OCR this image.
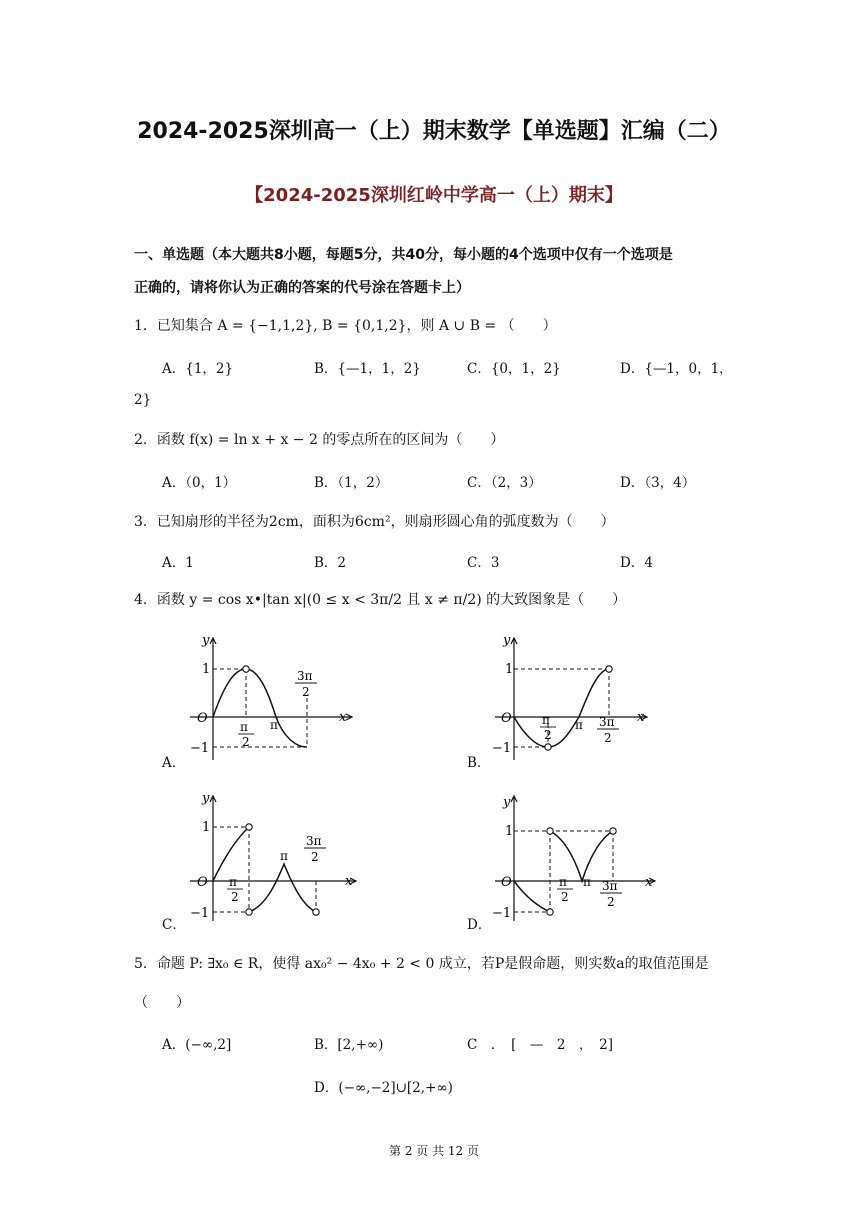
2024-2025深圳高一（上）期末数学【单选题】汇编（二）
【2024-2025深圳红岭中学高一（上）期末】
一、单选题（本大题共8小题，每题5分，共40分，每小题的4个选项中仅有一个选项是
正确的，请将你认为正确的答案的代号涂在答题卡上）
1．已知集合 A = {−1,1,2}, B = {0,1,2}，则 A ∪ B = （　　）
A．{1，2}	B．{—1，1，2}	C．{0，1，2}	D．{—1，0，1，
2}
2．函数 f(x) = ln x + x − 2 的零点所在的区间为（　　）
A．（0，1）	B．（1，2）	C．（2，3）	D．（3，4）
3．已知扇形的半径为2cm，面积为6cm²，则扇形圆心角的弧度数为（　　）
A．1	B．2	C．3	D．4
4．函数 y = cos x•|tan x|(0 ≤ x < 3π/2 且 x ≠ π/2) 的大致图象是（　　）
A．	B．
C．	D．
y
x
O
1
−1
π
2
π
3π
2
y
x
O
1
−1
π
2
π 3π
2
y
x
O
1
−1
π
2
π
3π
2
y
x
O
1
−1
π
2
π 3π
2
5．命题 P: ∃x₀ ∈ R，使得 ax₀² − 4x₀ + 2 < 0 成立，若P是假命题，则实数a的取值范围是
（　　）
A．(−∞,2]	B．[2,+∞)	C　．　[　—　2　，　2]
D．(−∞,−2]∪[2,+∞)
第 2 页 共 12 页
